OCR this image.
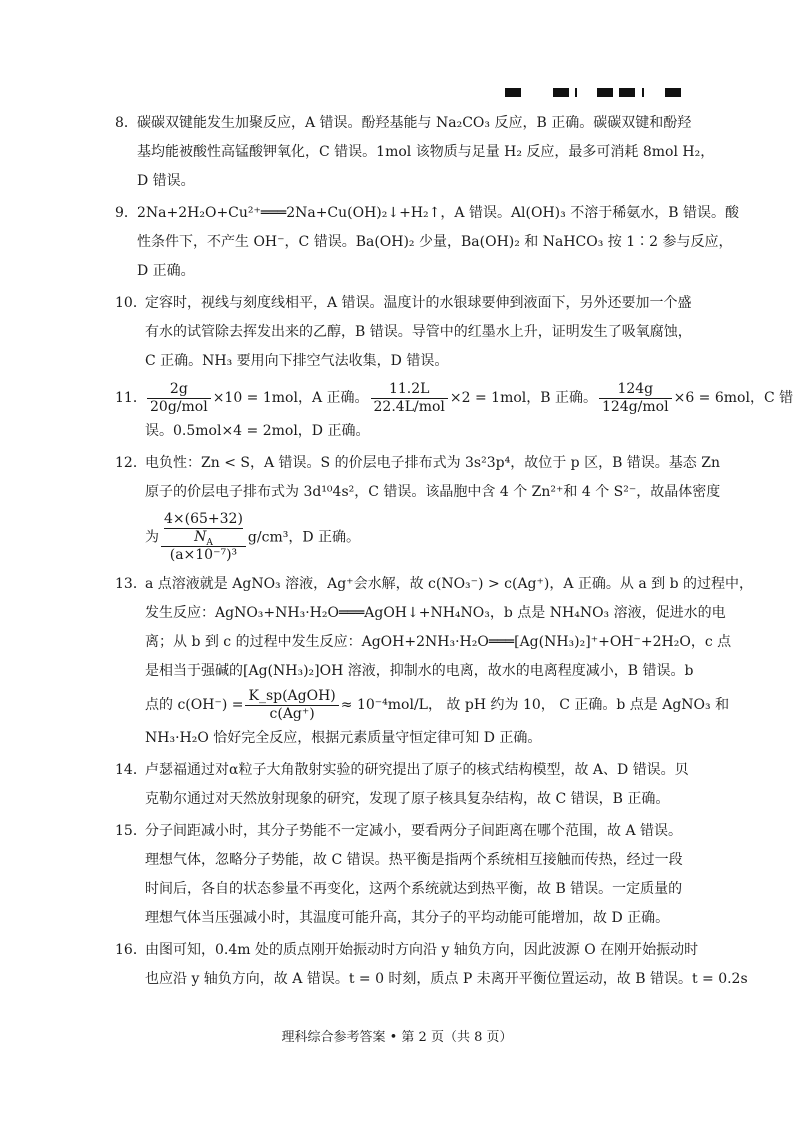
8． 碳碳双键能发生加聚反应，A 错误。酚羟基能与 Na₂CO₃ 反应，B 正确。碳碳双键和酚羟
基均能被酸性高锰酸钾氧化，C 错误。1mol 该物质与足量 H₂ 反应，最多可消耗 8mol H₂，
D 错误。
9． 2Na+2H₂O+Cu²⁺═══2Na+Cu(OH)₂↓+H₂↑，A 错误。Al(OH)₃ 不溶于稀氨水，B 错误。酸
性条件下，不产生 OH⁻，C 错误。Ba(OH)₂ 少量，Ba(OH)₂ 和 NaHCO₃ 按 1∶2 参与反应，
D 正确。
10．
定容时，视线与刻度线相平，A 错误。温度计的水银球要伸到液面下，另外还要加一个盛
有水的试管除去挥发出来的乙醇，B 错误。导管中的红墨水上升，证明发生了吸氧腐蚀，
C 正确。NH₃ 要用向下排空气法收集，D 错误。
11． $\frac{2g}{\text{20g/mol}} \times 10 = 1mol$，A 正确。 $\frac{11.2L}{\text{22.4L/mol}} \times 2 = 1mol$，B 正确。 $\frac{124g}{\text{124g/mol}} \times 6 = 6mol$，C 错
误。0.5mol×4 = 2mol，D 正确。
12．
电负性：Zn < S，A 错误。S 的价层电子排布式为 3s²3p⁴，故位于 p 区，B 错误。基态 Zn
原子的价层电子排布式为 3d¹⁰4s²，C 错误。该晶胞中含 4 个 Zn²⁺和 4 个 S²⁻，故晶体密度
为 4×(65+32)
$N_A$
(a×10⁻⁷)³ g/cm³，D 正确。
13．
a 点溶液就是 AgNO₃ 溶液，Ag⁺会水解，故 c(NO₃⁻) > c(Ag⁺)，A 正确。从 a 到 b 的过程中，
发生反应：AgNO₃+NH₃·H₂O═══AgOH↓+NH₄NO₃，b 点是 NH₄NO₃ 溶液，促进水的电
离；从 b 到 c 的过程中发生反应：AgOH+2NH₃·H₂O═══[Ag(NH₃)₂]⁺+OH⁻+2H₂O，c 点
是相当于强碱的[Ag(NH₃)₂]OH 溶液，抑制水的电离，故水的电离程度减小，B 错误。b
点的 $c(OH^-) = \frac{\text{K\_sp(AgOH)}}{c(Ag^+)} \approx 10^{-4}mol/L$， 故 pH 约为 10， C 正确。b 点是 AgNO₃ 和
NH₃·H₂O 恰好完全反应，根据元素质量守恒定律可知 D 正确。
14．
卢瑟福通过对α粒子大角散射实验的研究提出了原子的核式结构模型，故 A、D 错误。贝
克勒尔通过对天然放射现象的研究，发现了原子核具复杂结构，故 C 错误，B 正确。
15．
分子间距减小时，其分子势能不一定减小，要看两分子间距离在哪个范围，故 A 错误。
理想气体，忽略分子势能，故 C 错误。热平衡是指两个系统相互接触而传热，经过一段
时间后，各自的状态参量不再变化，这两个系统就达到热平衡，故 B 错误。一定质量的
理想气体当压强减小时，其温度可能升高，其分子的平均动能可能增加，故 D 正确。
16．
由图可知，0.4m 处的质点刚开始振动时方向沿 y 轴负方向，因此波源 O 在刚开始振动时
也应沿 y 轴负方向，故 A 错误。t = 0 时刻，质点 P 未离开平衡位置运动，故 B 错误。t = 0.2s
理科综合参考答案 • 第 2 页（共 8 页）
